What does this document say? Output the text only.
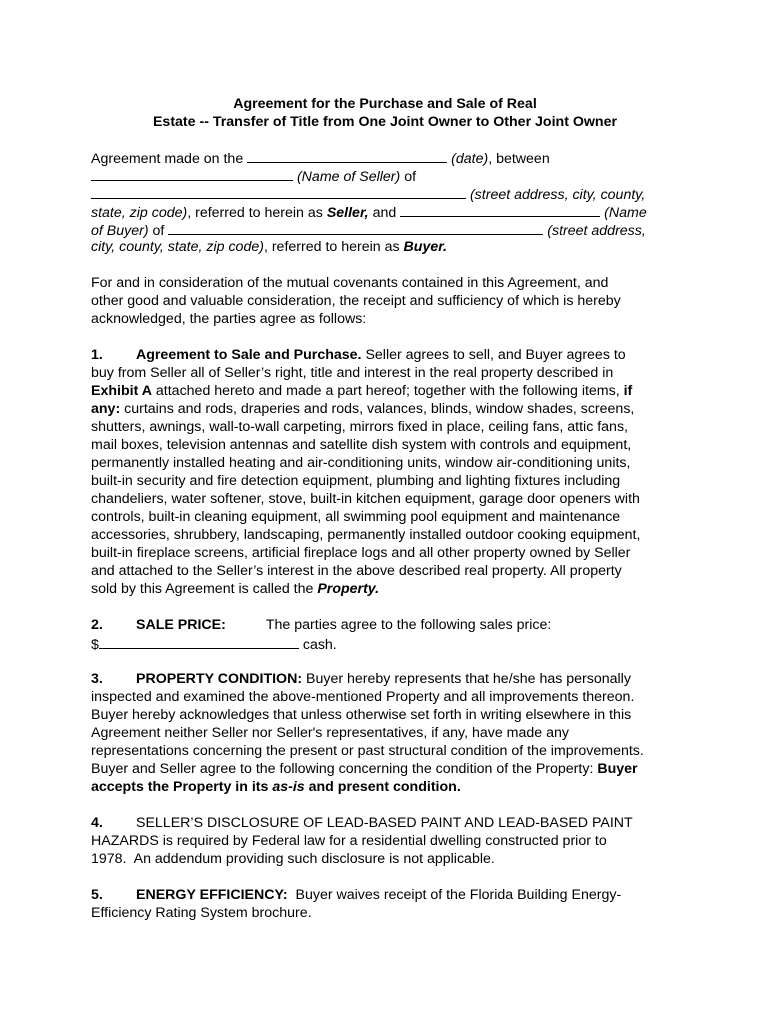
Agreement for the Purchase and Sale of Real
Estate -- Transfer of Title from One Joint Owner to Other Joint Owner
Agreement made on the	(date), between
(Name of Seller) of
(street address, city, county,
state, zip code), referred to herein as Seller, and	(Name
of Buyer) of	(street address,
city, county, state, zip code), referred to herein as Buyer.
For and in consideration of the mutual covenants contained in this Agreement, and
other good and valuable consideration, the receipt and sufficiency of which is hereby
acknowledged, the parties agree as follows:
1. Agreement to Sale and Purchase. Seller agrees to sell, and Buyer agrees to
buy from Seller all of Seller’s right, title and interest in the real property described in
Exhibit A attached hereto and made a part hereof; together with the following items, if
any: curtains and rods, draperies and rods, valances, blinds, window shades, screens,
shutters, awnings, wall-to-wall carpeting, mirrors fixed in place, ceiling fans, attic fans,
mail boxes, television antennas and satellite dish system with controls and equipment,
permanently installed heating and air-conditioning units, window air-conditioning units,
built-in security and fire detection equipment, plumbing and lighting fixtures including
chandeliers, water softener, stove, built-in kitchen equipment, garage door openers with
controls, built-in cleaning equipment, all swimming pool equipment and maintenance
accessories, shrubbery, landscaping, permanently installed outdoor cooking equipment,
built-in fireplace screens, artificial fireplace logs and all other property owned by Seller
and attached to the Seller’s interest in the above described real property. All property
sold by this Agreement is called the Property.
2. SALE PRICE:	The parties agree to the following sales price:
$	cash.
3. PROPERTY CONDITION: Buyer hereby represents that he/she has personally
inspected and examined the above-mentioned Property and all improvements thereon.
Buyer hereby acknowledges that unless otherwise set forth in writing elsewhere in this
Agreement neither Seller nor Seller's representatives, if any, have made any
representations concerning the present or past structural condition of the improvements.
Buyer and Seller agree to the following concerning the condition of the Property: Buyer
accepts the Property in its as-is and present condition.
4. SELLER’S DISCLOSURE OF LEAD-BASED PAINT AND LEAD-BASED PAINT
HAZARDS is required by Federal law for a residential dwelling constructed prior to
1978.  An addendum providing such disclosure is not applicable.
5. ENERGY EFFICIENCY:  Buyer waives receipt of the Florida Building Energy-
Efficiency Rating System brochure.
